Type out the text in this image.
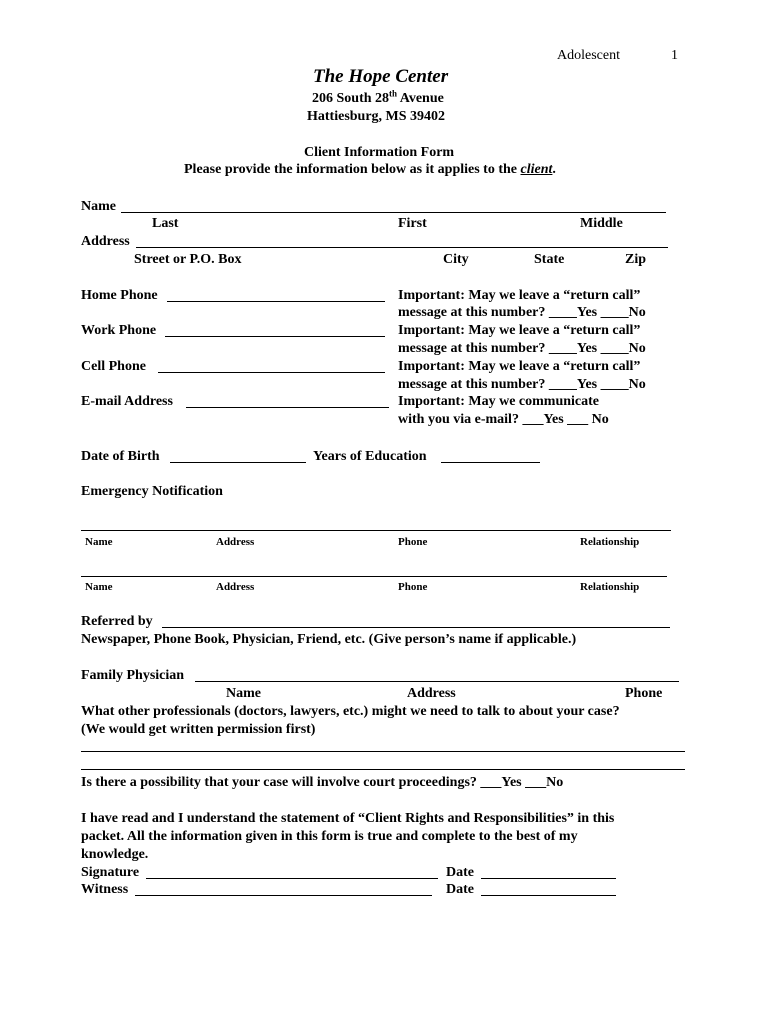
Adolescent	1
The Hope Center
206 South 28th Avenue
Hattiesburg, MS 39402
Client Information Form
Please provide the information below as it applies to the client.
Name
Last	First	Middle
Address
Street or P.O. Box	City	State	Zip
Home Phone	Important: May we leave a “return call”
message at this number? ____Yes ____No
Work Phone	Important: May we leave a “return call”
message at this number? ____Yes ____No
Cell Phone	Important: May we leave a “return call”
message at this number? ____Yes ____No
E-mail Address	Important: May we communicate
with you via e-mail? ___Yes ___ No
Date of Birth	Years of Education
Emergency Notification
Name	Address	Phone	Relationship
Name	Address	Phone	Relationship
Referred by
Newspaper, Phone Book, Physician, Friend, etc. (Give person’s name if applicable.)
Family Physician
Name	Address	Phone
What other professionals (doctors, lawyers, etc.) might we need to talk to about your case?
(We would get written permission first)
Is there a possibility that your case will involve court proceedings? ___Yes ___No
I have read and I understand the statement of “Client Rights and Responsibilities” in this
packet. All the information given in this form is true and complete to the best of my
knowledge.
Signature	Date
Witness	Date
